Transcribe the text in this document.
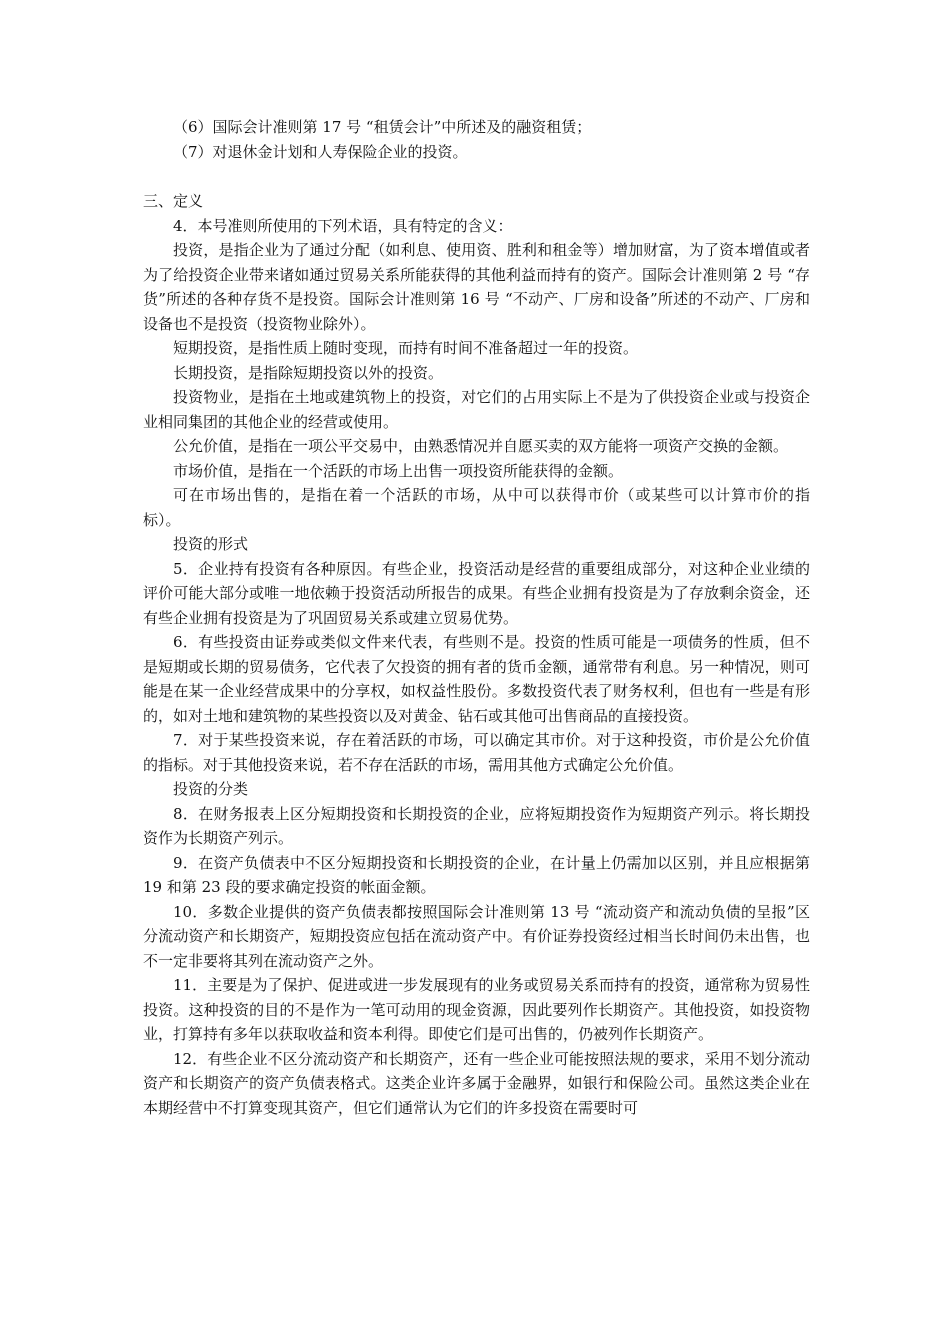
（6）国际会计准则第 17 号 “租赁会计”中所述及的融资租赁；

（7）对退休金计划和人寿保险企业的投资。

三、定义

4．本号准则所使用的下列术语，具有特定的含义：

投资，是指企业为了通过分配（如利息、使用资、胜利和租金等）增加财富，为了资本增值或者为了给投资企业带来诸如通过贸易关系所能获得的其他利益而持有的资产。国际会计准则第 2 号 “存货”所述的各种存货不是投资。国际会计准则第 16 号 “不动产、厂房和设备”所述的不动产、厂房和设备也不是投资（投资物业除外）。

短期投资，是指性质上随时变现，而持有时间不准备超过一年的投资。

长期投资，是指除短期投资以外的投资。

投资物业，是指在土地或建筑物上的投资，对它们的占用实际上不是为了供投资企业或与投资企业相同集团的其他企业的经营或使用。

公允价值，是指在一项公平交易中，由熟悉情况并自愿买卖的双方能将一项资产交换的金额。

市场价值，是指在一个活跃的市场上出售一项投资所能获得的金额。

可在市场出售的，是指在着一个活跃的市场，从中可以获得市价（或某些可以计算市价的指标）。

投资的形式

5．企业持有投资有各种原因。有些企业，投资活动是经营的重要组成部分，对这种企业业绩的评价可能大部分或唯一地依赖于投资活动所报告的成果。有些企业拥有投资是为了存放剩余资金，还有些企业拥有投资是为了巩固贸易关系或建立贸易优势。

6．有些投资由证券或类似文件来代表，有些则不是。投资的性质可能是一项债务的性质，但不是短期或长期的贸易债务，它代表了欠投资的拥有者的货币金额，通常带有利息。另一种情况，则可能是在某一企业经营成果中的分享权，如权益性股份。多数投资代表了财务权利，但也有一些是有形的，如对土地和建筑物的某些投资以及对黄金、钻石或其他可出售商品的直接投资。

7．对于某些投资来说，存在着活跃的市场，可以确定其市价。对于这种投资，市价是公允价值的指标。对于其他投资来说，若不存在活跃的市场，需用其他方式确定公允价值。

投资的分类

8．在财务报表上区分短期投资和长期投资的企业，应将短期投资作为短期资产列示。将长期投资作为长期资产列示。

9．在资产负债表中不区分短期投资和长期投资的企业，在计量上仍需加以区别，并且应根据第 19 和第 23 段的要求确定投资的帐面金额。

10．多数企业提供的资产负债表都按照国际会计准则第 13 号 “流动资产和流动负债的呈报”区分流动资产和长期资产，短期投资应包括在流动资产中。有价证券投资经过相当长时间仍未出售，也不一定非要将其列在流动资产之外。

11．主要是为了保护、促进或进一步发展现有的业务或贸易关系而持有的投资，通常称为贸易性投资。这种投资的目的不是作为一笔可动用的现金资源，因此要列作长期资产。其他投资，如投资物业，打算持有多年以获取收益和资本利得。即使它们是可出售的，仍被列作长期资产。

12．有些企业不区分流动资产和长期资产，还有一些企业可能按照法规的要求，采用不划分流动资产和长期资产的资产负债表格式。这类企业许多属于金融界，如银行和保险公司。虽然这类企业在本期经营中不打算变现其资产，但它们通常认为它们的许多投资在需要时可
